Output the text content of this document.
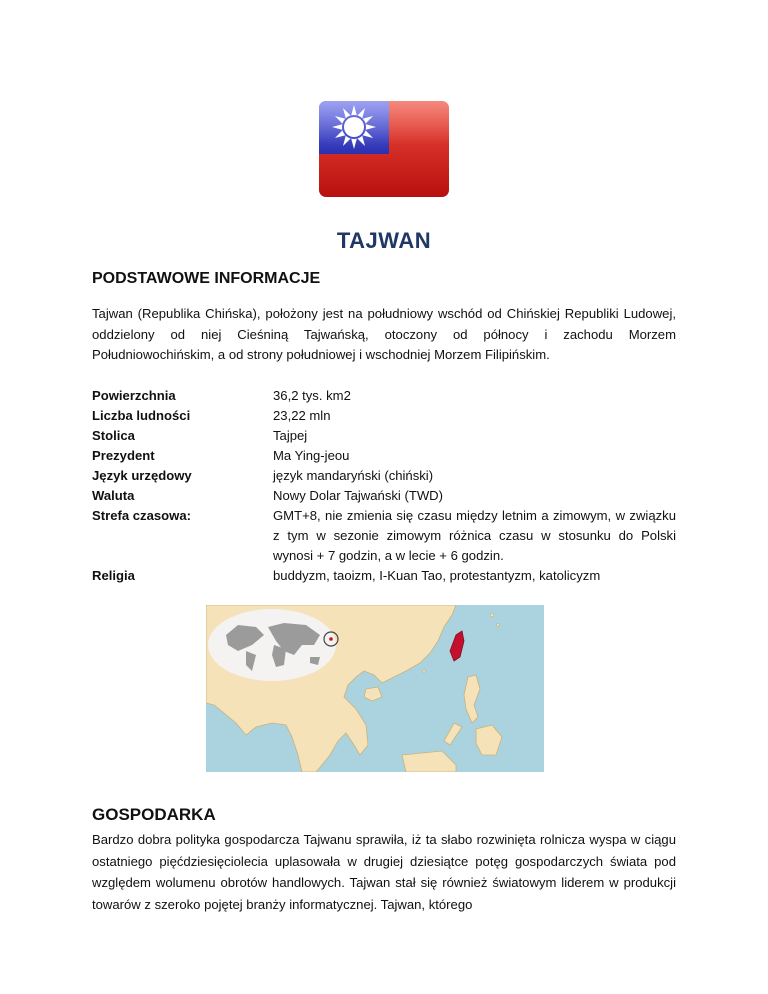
TAJWAN
PODSTAWOWE INFORMACJE
Tajwan (Republika Chińska), położony jest na południowy wschód od Chińskiej Republiki Ludowej, oddzielony od niej Cieśniną Tajwańską, otoczony od północy i zachodu Morzem Południowochińskim, a od strony południowej i wschodniej Morzem Filipińskim.
Powierzchnia	36,2 tys. km2
Liczba ludności	23,22 mln
Stolica	Tajpej
Prezydent	Ma Ying-jeou
Język urzędowy	język mandaryński (chiński)
Waluta	Nowy Dolar Tajwański (TWD)
Strefa czasowa:	GMT+8, nie zmienia się czasu między letnim a zimowym, w związku z tym w sezonie zimowym różnica czasu w stosunku do Polski wynosi + 7 godzin, a w lecie + 6 godzin.
Religia	buddyzm, taoizm, I-Kuan Tao, protestantyzm, katolicyzm
GOSPODARKA
Bardzo dobra polityka gospodarcza Tajwanu sprawiła, iż ta słabo rozwinięta rolnicza wyspa w ciągu ostatniego pięćdziesięciolecia uplasowała w drugiej dziesiątce potęg gospodarczych świata pod względem wolumenu obrotów handlowych. Tajwan stał się również światowym liderem w produkcji towarów z szeroko pojętej branży informatycznej. Tajwan, którego
